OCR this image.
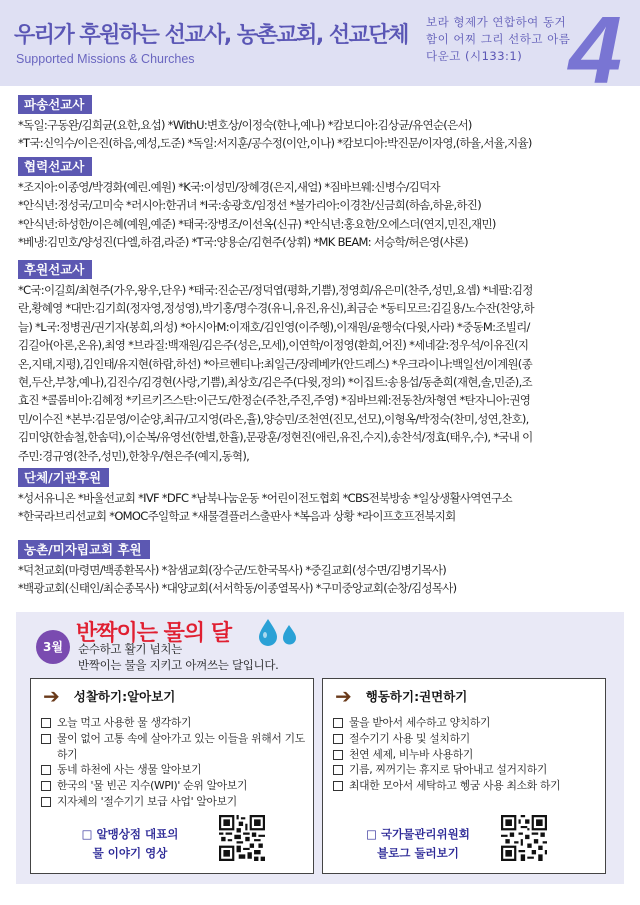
우리가 후원하는 선교사, 농촌교회, 선교단체
Supported Missions & Churches
보라 형제가 연합하여 동거
함이 어찌 그리 선하고 아름
다운고 (시133:1) 4
파송선교사
*독일:구동완/김희균(요한,요섭) *WithU:변호상/이정숙(한나,예나) *캄보디아:김상균/유연순(은서)
*T국:신익수/이은진(하음,예성,도준) *독일:서지훈/공수정(이안,이나) *캄보디아:박진문/이자영,(하율,서율,지율)
협력선교사
*조지아:이종영/박경화(예린.예원) *K국:이성민/장혜경(은지,새얼) *짐바브웨:신병수/김덕자
*안식년:정성국/고미숙 *러시아:한귀녀 *I국:송광호/임정선 *불가리아:이경찬/신금희(하솜,하윤,하진)
*안식년:하성한/이은혜(예원,예준) *태국:장병조/이선옥(신규) *안식년:홍요한/오에스더(연지,민진,재민)
*베냉:김민호/양성진(다엘,하겸,라준) *T국:양용순/김현주(상휘) *MK BEAM: 서승학/허은영(샤론)
후원선교사
*C국:이길희/최현주(가우,왕우,단우) *태국:진순곤/정덕엽(평화,기쁨),정영희/유은미(찬주,성민,요셉) *네팔:김정
란,황혜영 *대만:김기희(정자영,정성영),박기홍/명수경(유니,유진,유신),최금순 *동티모르:김길용/노수잔(찬양,하
늘) *L국:정병권/권기자(봉희,의성) *아시아M:이재호/김인영(이주혱),이재원/윤행숙(다윗,사라) *중동M:조빌리/
김길아(아론,온유),최영 *브라질:백재원/김은주(성은,모세),이연학/이정영(환희,어진) *세네갈:정우석/이유진(지
온,지태,지평),김인태/유지현(하람,하선) *아르헨티나:최일근/장레베카(안드레스) *우크라이나:백일선/이계원(종
현,두산,부창,예나),김진수/김경현(사랑,기쁨),최상호/김은주(다윗,정의) *이집트:송용섭/동춘희(재현,솔,민준),조
효진 *콜롬비아:김혜정 *키르키즈스탄:이근도/한정순(주찬,주진,주영) *짐바브웨:전동찬/차형연 *탄자니아:권영
민/이수진 *본부:김문영/이순양,최규/고지영(라온,휼),양승민/조천연(진모,선모),이형옥/박정숙(찬미,성연,찬호),
김미양(한솜철,한솜덕),이순복/유영선(한별,한휼),문광훈/정현진(애린,유진,수지),송찬석/정효(태우,수), *국내 이
주민:경규영(찬주,성민),한창우/현은주(예지,동혁),
단체/기관후원
*성서유니온 *바울선교회 *IVF *DFC *남북나눔운동 *어린이전도협회 *CBS전북방송 *일상생활사역연구소
*한국라브리선교회 *OMOC주일학교 *새물결플러스출판사 *복음과 상황 *라이프호프전북지회
농촌/미자립교회 후원
*덕천교회(마령면/백종환목사) *참샘교회(장수군/도한국목사) *중길교회(성수면/김병기목사)
*백광교회(신태인/최순종목사) *대양교회(서서학동/이종열목사) *구미중앙교회(순창/김성목사)
3월
반짝이는 물의 달
순수하고 활기 넘치는
반짝이는 물을 지키고 아껴쓰는 달입니다.
➔ 성찰하기:알아보기
오늘 먹고 사용한 물 생각하기
물이 없어 고통 속에 살아가고 있는 이들을 위해서 기도하기
동네 하천에 사는 생물 알아보기
한국의 '물 빈곤 지수(WPI)' 순위 알아보기
지자체의 '절수기기 보급 사업' 알아보기
□ 알맹상점 대표의
물 이야기 영상
➔ 행동하기:권면하기
물을 받아서 세수하고 양치하기
절수기기 사용 및 설치하기
천연 세제, 비누바 사용하기
기름, 찌꺼기는 휴지로 닦아내고 설거지하기
최대한 모아서 세탁하고 헹굼 사용 최소화 하기
□ 국가물관리위원회
블로그 둘러보기
